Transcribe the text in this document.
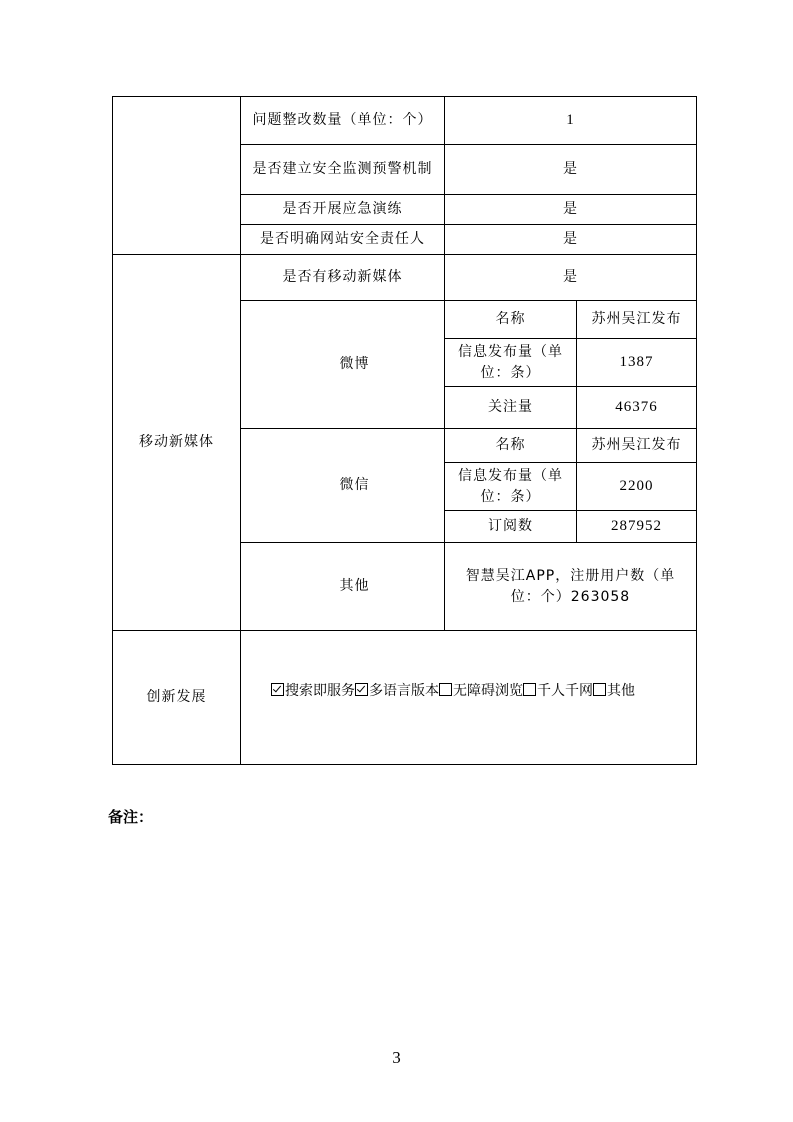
	问题整改数量（单位：个）	1	
	是否建立安全监测预警机制	是	
	是否开展应急演练	是	
	是否明确网站安全责任人	是	
移动新媒体	是否有移动新媒体	是	
	微博	名称	苏州吴江发布
		信息发布量（单位：条）	1387
		关注量	46376
	微信	名称	苏州吴江发布
		信息发布量（单位：条）	2200
		订阅数	287952
	其他	智慧吴江APP，注册用户数（单位：个）263058	
创新发展	搜索即服务 多语言版本 无障碍浏览 千人千网 其他		
备注：
3
